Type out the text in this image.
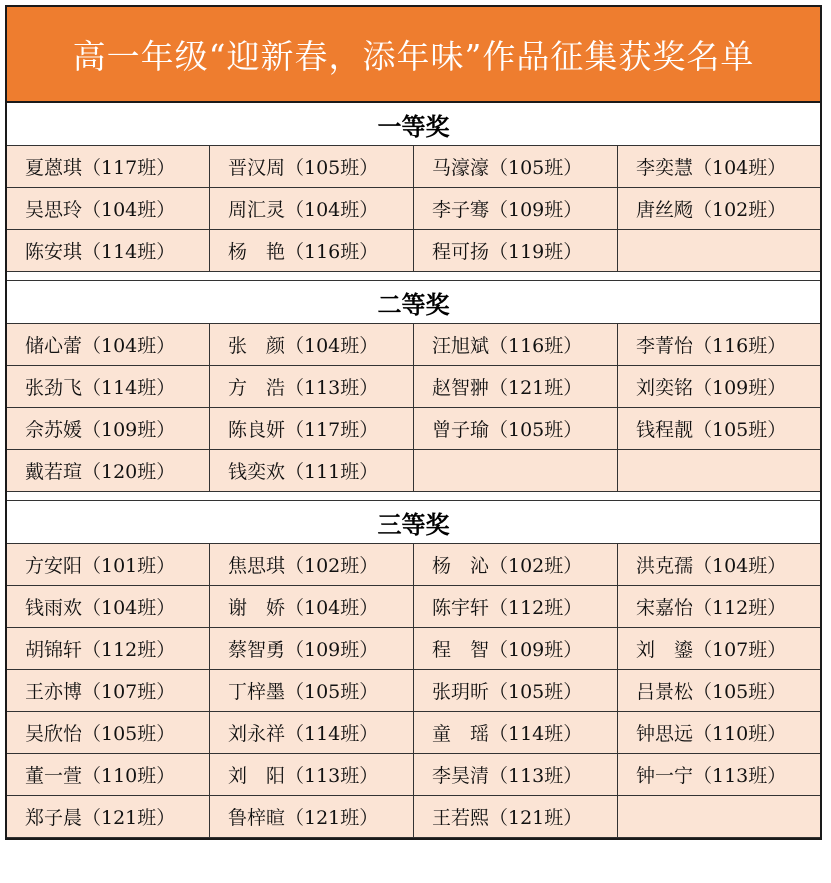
高一年级“迎新春，添年味”作品征集获奖名单
一等奖
夏蒽琪（117班）	晋汉周（105班）	马濠濠（105班）	李奕慧（104班）
吴思玲（104班）	周汇灵（104班）	李子骞（109班）	唐丝飏（102班）
陈安琪（114班）	杨　艳（116班）	程可扬（119班）
二等奖
储心蕾（104班）	张　颜（104班）	汪旭斌（116班）	李菁怡（116班）
张劲飞（114班）	方　浩（113班）	赵智翀（121班）	刘奕铭（109班）
佘苏媛（109班）	陈良妍（117班）	曾子瑜（105班）	钱程靓（105班）
戴若瑄（120班）	钱奕欢（111班）
三等奖
方安阳（101班）	焦思琪（102班）	杨　沁（102班）	洪克孺（104班）
钱雨欢（104班）	谢　娇（104班）	陈宇轩（112班）	宋嘉怡（112班）
胡锦轩（112班）	蔡智勇（109班）	程　智（109班）	刘　鎏（107班）
王亦博（107班）	丁梓墨（105班）	张玥昕（105班）	吕景松（105班）
吴欣怡（105班）	刘永祥（114班）	童　瑶（114班）	钟思远（110班）
董一萱（110班）	刘　阳（113班）	李昊清（113班）	钟一宁（113班）
郑子晨（121班）	鲁梓暄（121班）	王若熙（121班）
